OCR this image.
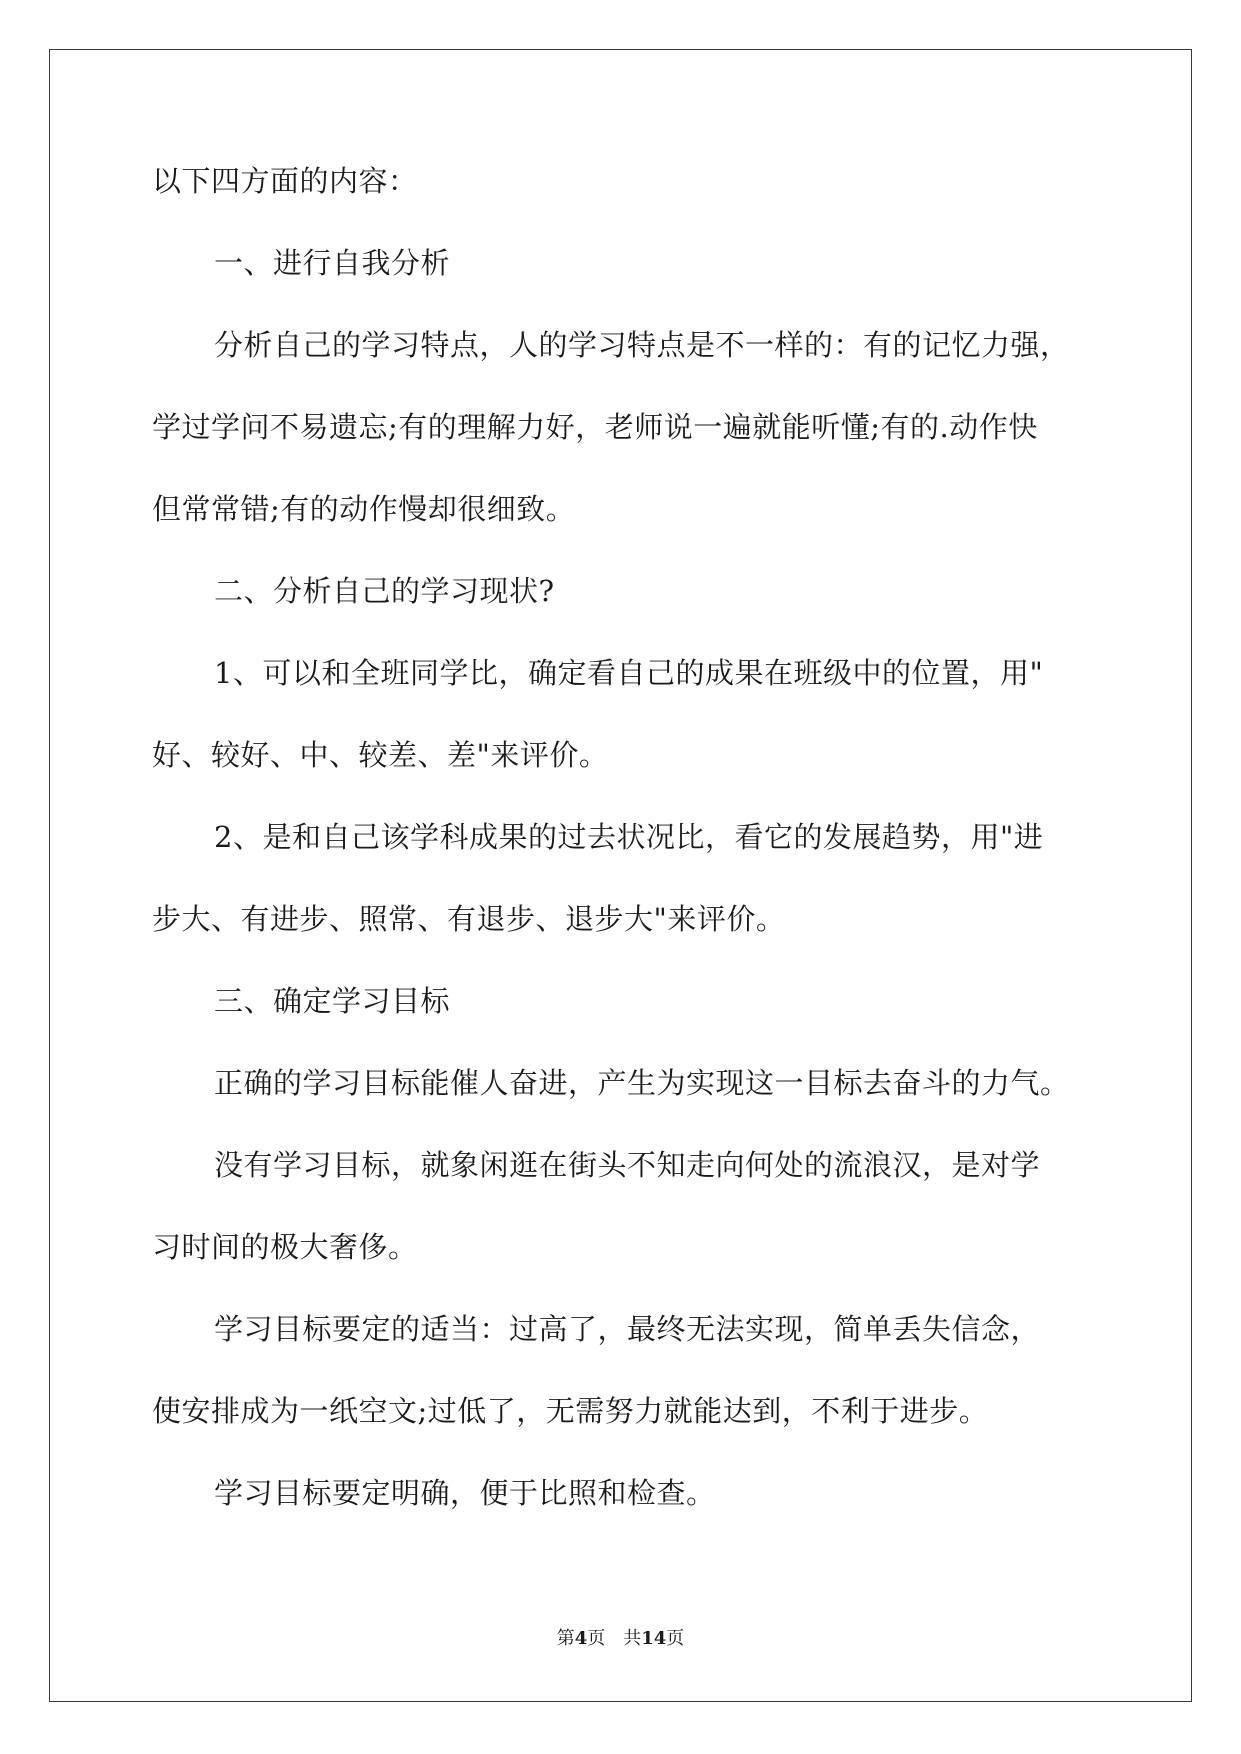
以下四方面的内容：
一、进行自我分析
分析自己的学习特点，人的学习特点是不一样的：有的记忆力强，
学过学问不易遗忘;有的理解力好，老师说一遍就能听懂;有的.动作快
但常常错;有的动作慢却很细致。
二、分析自己的学习现状?
1、可以和全班同学比，确定看自己的成果在班级中的位置，用"
好、较好、中、较差、差"来评价。
2、是和自己该学科成果的过去状况比，看它的发展趋势，用"进
步大、有进步、照常、有退步、退步大"来评价。
三、确定学习目标
正确的学习目标能催人奋进，产生为实现这一目标去奋斗的力气。
没有学习目标，就象闲逛在街头不知走向何处的流浪汉，是对学
习时间的极大奢侈。
学习目标要定的适当：过高了，最终无法实现，简单丢失信念，
使安排成为一纸空文;过低了，无需努力就能达到，不利于进步。
学习目标要定明确，便于比照和检查。
第4页 共14页
